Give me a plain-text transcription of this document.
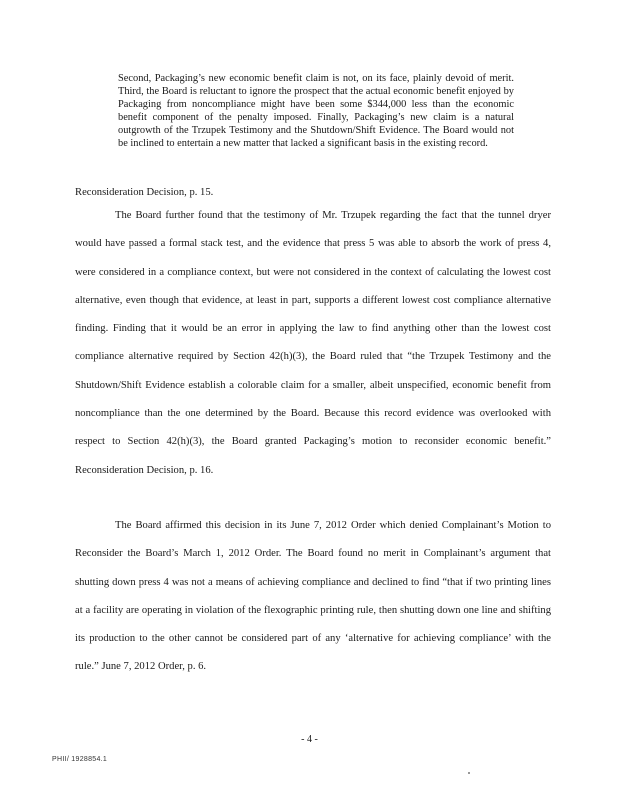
Second, Packaging’s new economic benefit claim is not, on its face, plainly devoid of merit. Third, the Board is reluctant to ignore the prospect that the actual economic benefit enjoyed by Packaging from noncompliance might have been some $344,000 less than the economic benefit component of the penalty imposed. Finally, Packaging’s new claim is a natural outgrowth of the Trzupek Testimony and the Shutdown/Shift Evidence. The Board would not be inclined to entertain a new matter that lacked a significant basis in the existing record.

Reconsideration Decision, p. 15.

The Board further found that the testimony of Mr. Trzupek regarding the fact that the tunnel dryer would have passed a formal stack test, and the evidence that press 5 was able to absorb the work of press 4, were considered in a compliance context, but were not considered in the context of calculating the lowest cost alternative, even though that evidence, at least in part, supports a different lowest cost compliance alternative finding. Finding that it would be an error in applying the law to find anything other than the lowest cost compliance alternative required by Section 42(h)(3), the Board ruled that “the Trzupek Testimony and the Shutdown/Shift Evidence establish a colorable claim for a smaller, albeit unspecified, economic benefit from noncompliance than the one determined by the Board. Because this record evidence was overlooked with respect to Section 42(h)(3), the Board granted Packaging’s motion to reconsider economic benefit.” Reconsideration Decision, p. 16.

The Board affirmed this decision in its June 7, 2012 Order which denied Complainant’s Motion to Reconsider the Board’s March 1, 2012 Order. The Board found no merit in Complainant’s argument that shutting down press 4 was not a means of achieving compliance and declined to find “that if two printing lines at a facility are operating in violation of the flexographic printing rule, then shutting down one line and shifting its production to the other cannot be considered part of any ‘alternative for achieving compliance’ with the rule.” June 7, 2012 Order, p. 6.

- 4 -

PHII/ 1928854.1
